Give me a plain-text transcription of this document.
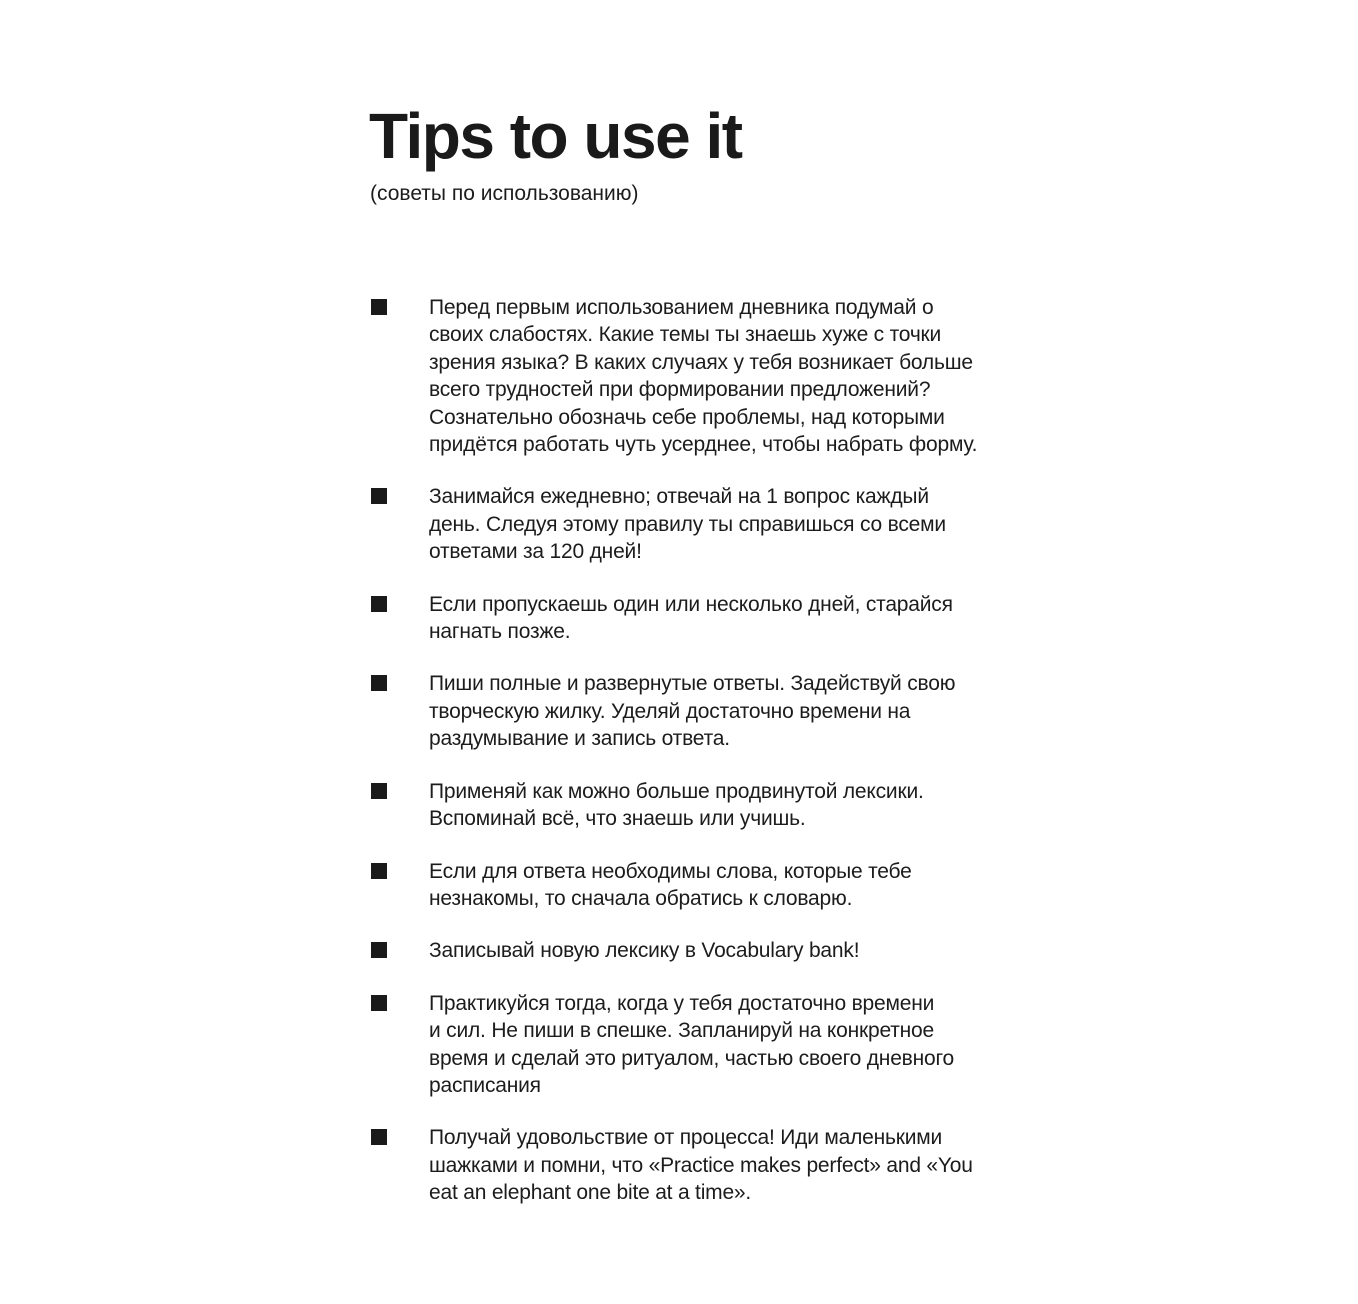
Tips to use it

(советы по использованию)

Перед первым использованием дневника подумай о
своих слабостях. Какие темы ты знаешь хуже с точки
зрения языка? В каких случаях у тебя возникает больше
всего трудностей при формировании предложений?
Сознательно обозначь себе проблемы, над которыми
придётся работать чуть усерднее, чтобы набрать форму.
Занимайся ежедневно; отвечай на 1 вопрос каждый
день. Следуя этому правилу ты справишься со всеми
ответами за 120 дней!
Если пропускаешь один или несколько дней, старайся
нагнать позже.
Пиши полные и развернутые ответы. Задействуй свою
творческую жилку. Уделяй достаточно времени на
раздумывание и запись ответа.
Применяй как можно больше продвинутой лексики.
Вспоминай всё, что знаешь или учишь.
Если для ответа необходимы слова, которые тебе
незнакомы, то сначала обратись к словарю.
Записывай новую лексику в Vocabulary bank!
Практикуйся тогда, когда у тебя достаточно времени
и сил. Не пиши в спешке. Запланируй на конкретное
время и сделай это ритуалом, частью своего дневного
расписания
Получай удовольствие от процесса! Иди маленькими
шажками и помни, что «Practice makes perfect» and «You
eat an elephant one bite at a time».
